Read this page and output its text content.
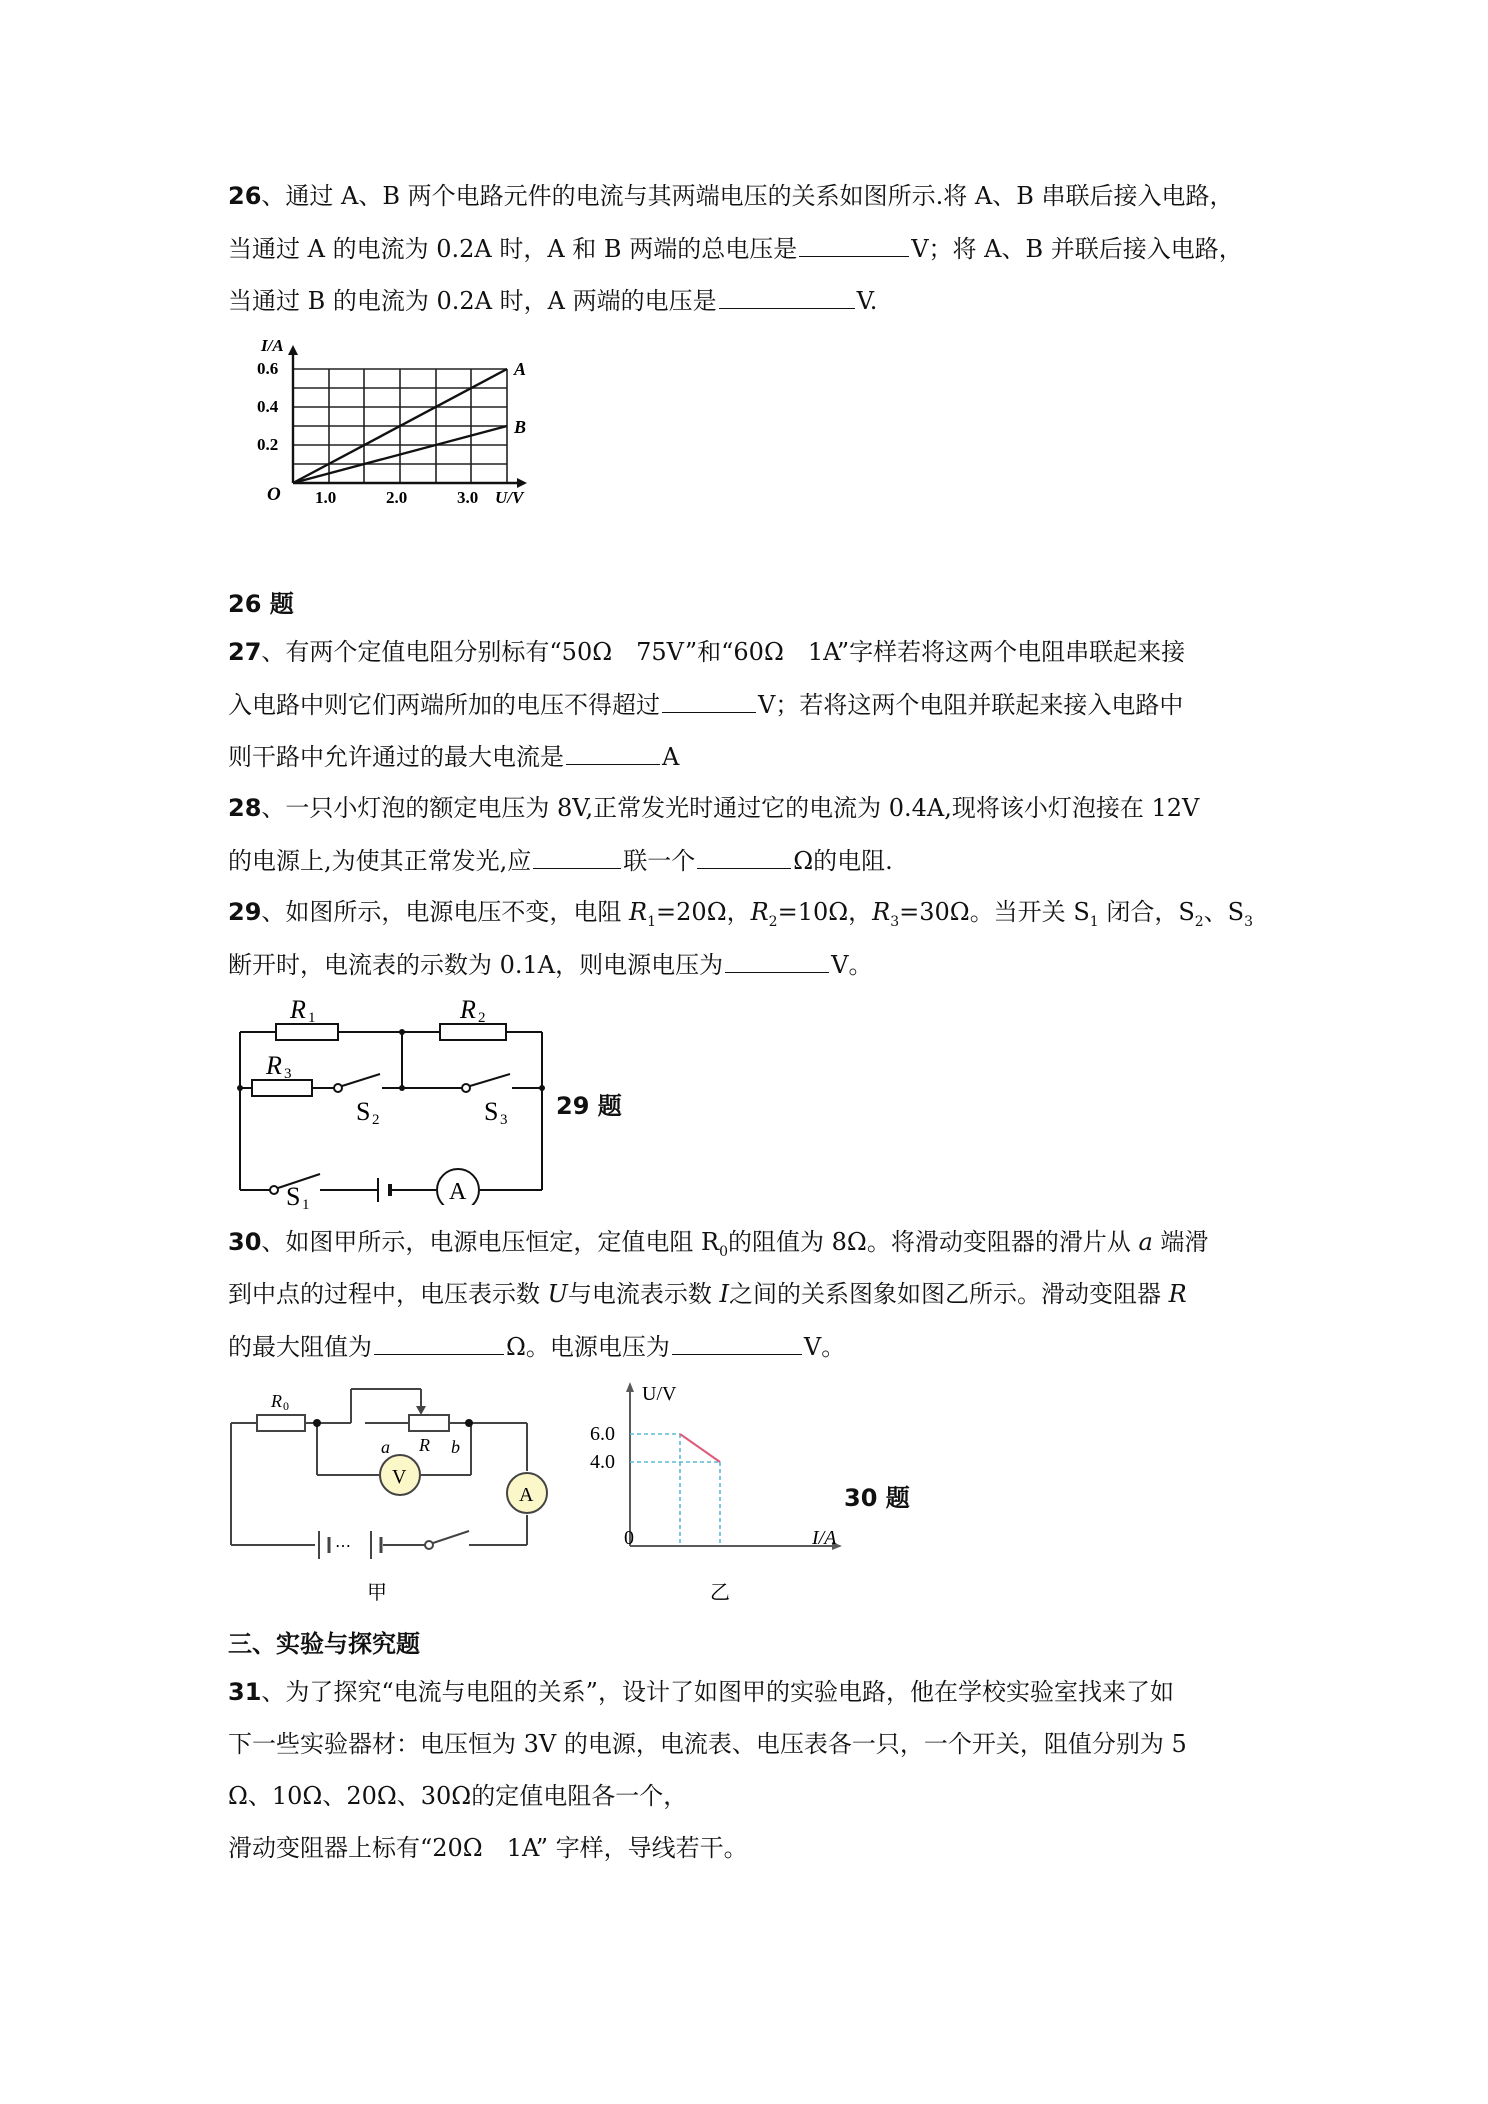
26、通过 A、B 两个电路元件的电流与其两端电压的关系如图所示.将 A、B 串联后接入电路，
当通过 A 的电流为 0.2A 时，A 和 B 两端的总电压是	V；将 A、B 并联后接入电路，
当通过 B 的电流为 0.2A 时，A 两端的电压是	V.
I/A
0.6
0.4
0.2
O 1.0	2.0	3.0 U/V
A
B
26 题
27、有两个定值电阻分别标有“50Ω　75V”和“60Ω　1A”字样若将这两个电阻串联起来接
入电路中则它们两端所加的电压不得超过	V；若将这两个电阻并联起来接入电路中
则干路中允许通过的最大电流是	A
28、一只小灯泡的额定电压为 8V,正常发光时通过它的电流为 0.4A,现将该小灯泡接在 12V
的电源上,为使其正常发光,应	联一个	Ω的电阻.
29、如图所示，电源电压不变，电阻 $R_1=20\Omega$，$R_2=10\Omega$，$R_3=30\Omega$。当开关 $S_1$ 闭合，$S_2$、$S_3$
断开时，电流表的示数为 0.1A，则电源电压为	V。
A
R 1	R 2
R 3
S 2	S 3
S 1
29 题
30、如图甲所示，电源电压恒定，定值电阻 $R_0$的阻值为 8Ω。将滑动变阻器的滑片从 a 端滑
到中点的过程中，电压表示数 U与电流表示数 I之间的关系图象如图乙所示。滑动变阻器 R
的最大阻值为	Ω。电源电压为	V。
V
A
⋯
R 0
a R b
甲
U/V
6.0
4.0
0	I/A
乙
30 题
三、实验与探究题
31、为了探究“电流与电阻的关系”，设计了如图甲的实验电路，他在学校实验室找来了如
下一些实验器材：电压恒为 3V 的电源，电流表、电压表各一只，一个开关，阻值分别为 5
Ω、10Ω、20Ω、30Ω的定值电阻各一个，
滑动变阻器上标有“20Ω　1A” 字样，导线若干。
